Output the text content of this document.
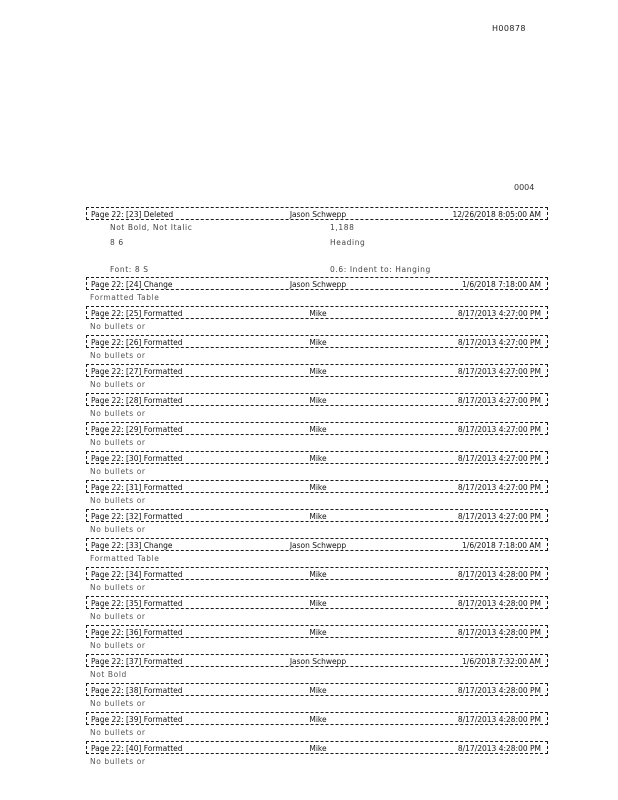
H00878
0004
Page 22: [23] Deleted	Jason Schwepp	12/26/2018 8:05:00 AM
Not Bold, Not Italic	1,188
8 6	Heading
Font: 8 S	0.6: Indent to: Hanging
Page 22: [24] Change	Jason Schwepp	1/6/2018 7:18:00 AM
Formatted Table
Page 22: [25] Formatted	Mike	8/17/2013 4:27:00 PM
No bullets or
Page 22: [26] Formatted	Mike	8/17/2013 4:27:00 PM
No bullets or
Page 22: [27] Formatted	Mike	8/17/2013 4:27:00 PM
No bullets or
Page 22: [28] Formatted	Mike	8/17/2013 4:27:00 PM
No bullets or
Page 22: [29] Formatted	Mike	8/17/2013 4:27:00 PM
No bullets or
Page 22: [30] Formatted	Mike	8/17/2013 4:27:00 PM
No bullets or
Page 22: [31] Formatted	Mike	8/17/2013 4:27:00 PM
No bullets or
Page 22: [32] Formatted	Mike	8/17/2013 4:27:00 PM
No bullets or
Page 22: [33] Change	Jason Schwepp	1/6/2018 7:18:00 AM
Formatted Table
Page 22: [34] Formatted	Mike	8/17/2013 4:28:00 PM
No bullets or
Page 22: [35] Formatted	Mike	8/17/2013 4:28:00 PM
No bullets or
Page 22: [36] Formatted	Mike	8/17/2013 4:28:00 PM
No bullets or
Page 22: [37] Formatted	Jason Schwepp	1/6/2018 7:32:00 AM
Not Bold
Page 22: [38] Formatted	Mike	8/17/2013 4:28:00 PM
No bullets or
Page 22: [39] Formatted	Mike	8/17/2013 4:28:00 PM
No bullets or
Page 22: [40] Formatted	Mike	8/17/2013 4:28:00 PM
No bullets or
